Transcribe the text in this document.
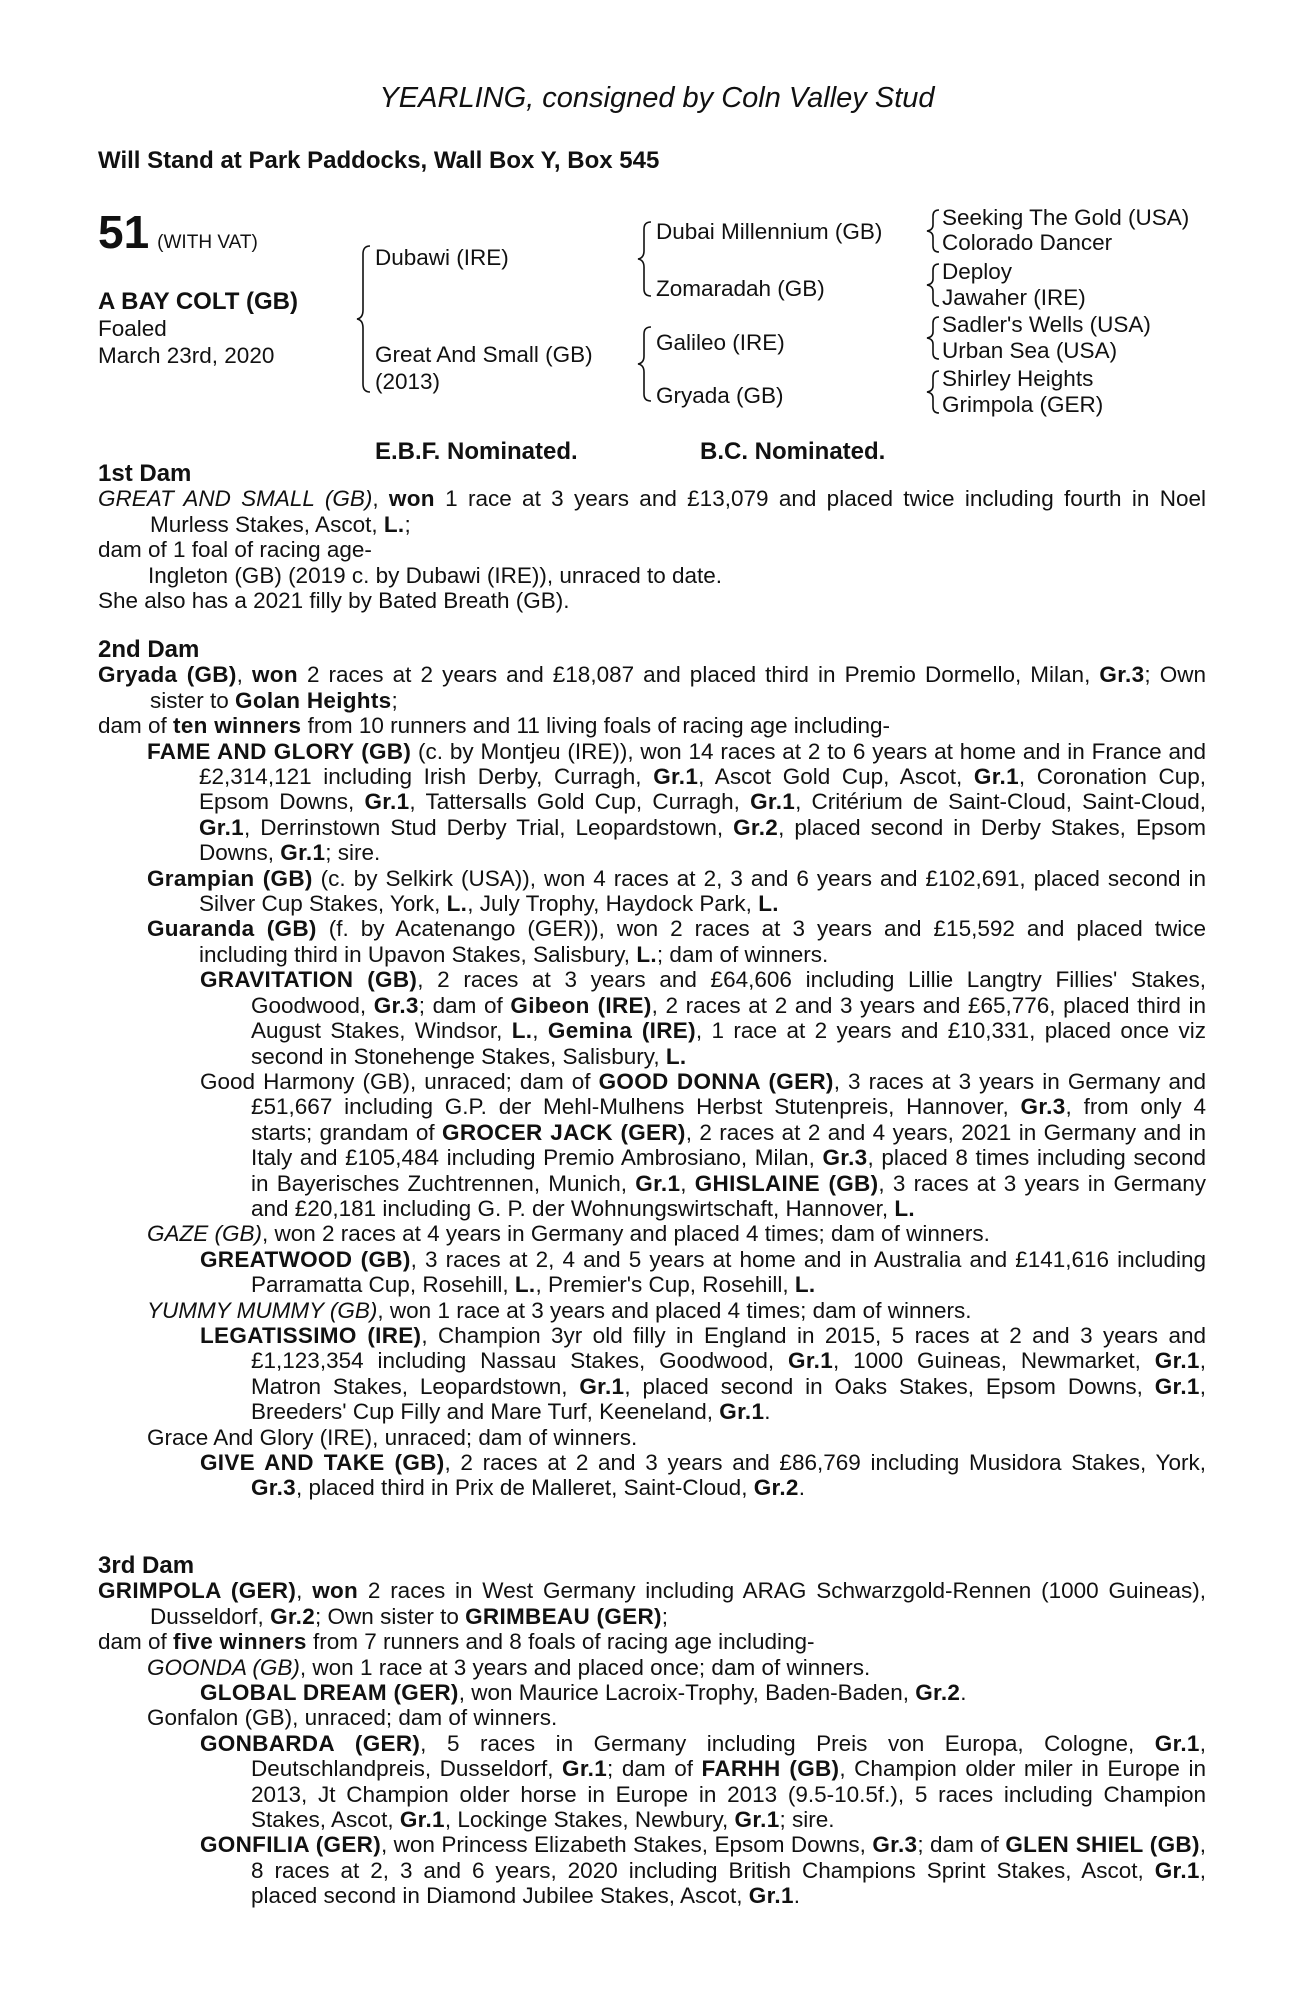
YEARLING, consigned by Coln Valley Stud
Will Stand at Park Paddocks, Wall Box Y, Box 545
51 (WITH VAT)
A BAY COLT (GB)
Foaled
March 23rd, 2020
Dubawi (IRE)
Great And Small (GB)
(2013)
Dubai Millennium (GB)
Zomaradah (GB)
Galileo (IRE)
Gryada (GB)
Seeking The Gold (USA)
Colorado Dancer
Deploy
Jawaher (IRE)
Sadler's Wells (USA)
Urban Sea (USA)
Shirley Heights
Grimpola (GER)
E.B.F. Nominated.	B.C. Nominated.

1st Dam

GREAT AND SMALL (GB), won 1 race at 3 years and £13,079 and placed twice including fourth in Noel Murless Stakes, Ascot, L.;

dam of 1 foal of racing age-

Ingleton (GB) (2019 c. by Dubawi (IRE)), unraced to date.

She also has a 2021 filly by Bated Breath (GB).

2nd Dam

Gryada (GB), won 2 races at 2 years and £18,087 and placed third in Premio Dormello, Milan, Gr.3; Own sister to Golan Heights;

dam of ten winners from 10 runners and 11 living foals of racing age including-

FAME AND GLORY (GB) (c. by Montjeu (IRE)), won 14 races at 2 to 6 years at home and in France and £2,314,121 including Irish Derby, Curragh, Gr.1, Ascot Gold Cup, Ascot, Gr.1, Coronation Cup, Epsom Downs, Gr.1, Tattersalls Gold Cup, Curragh, Gr.1, Critérium de Saint-Cloud, Saint-Cloud, Gr.1, Derrinstown Stud Derby Trial, Leopardstown, Gr.2, placed second in Derby Stakes, Epsom Downs, Gr.1; sire.

Grampian (GB) (c. by Selkirk (USA)), won 4 races at 2, 3 and 6 years and £102,691, placed second in Silver Cup Stakes, York, L., July Trophy, Haydock Park, L.

Guaranda (GB) (f. by Acatenango (GER)), won 2 races at 3 years and £15,592 and placed twice including third in Upavon Stakes, Salisbury, L.; dam of winners.

GRAVITATION (GB), 2 races at 3 years and £64,606 including Lillie Langtry Fillies' Stakes, Goodwood, Gr.3; dam of Gibeon (IRE), 2 races at 2 and 3 years and £65,776, placed third in August Stakes, Windsor, L., Gemina (IRE), 1 race at 2 years and £10,331, placed once viz second in Stonehenge Stakes, Salisbury, L.

Good Harmony (GB), unraced; dam of GOOD DONNA (GER), 3 races at 3 years in Germany and £51,667 including G.P. der Mehl-Mulhens Herbst Stutenpreis, Hannover, Gr.3, from only 4 starts; grandam of GROCER JACK (GER), 2 races at 2 and 4 years, 2021 in Germany and in Italy and £105,484 including Premio Ambrosiano, Milan, Gr.3, placed 8 times including second in Bayerisches Zuchtrennen, Munich, Gr.1, GHISLAINE (GB), 3 races at 3 years in Germany and £20,181 including G. P. der Wohnungswirtschaft, Hannover, L.

GAZE (GB), won 2 races at 4 years in Germany and placed 4 times; dam of winners.

GREATWOOD (GB), 3 races at 2, 4 and 5 years at home and in Australia and £141,616 including Parramatta Cup, Rosehill, L., Premier's Cup, Rosehill, L.

YUMMY MUMMY (GB), won 1 race at 3 years and placed 4 times; dam of winners.

LEGATISSIMO (IRE), Champion 3yr old filly in England in 2015, 5 races at 2 and 3 years and £1,123,354 including Nassau Stakes, Goodwood, Gr.1, 1000 Guineas, Newmarket, Gr.1, Matron Stakes, Leopardstown, Gr.1, placed second in Oaks Stakes, Epsom Downs, Gr.1, Breeders' Cup Filly and Mare Turf, Keeneland, Gr.1.

Grace And Glory (IRE), unraced; dam of winners.

GIVE AND TAKE (GB), 2 races at 2 and 3 years and £86,769 including Musidora Stakes, York, Gr.3, placed third in Prix de Malleret, Saint-Cloud, Gr.2.

3rd Dam

GRIMPOLA (GER), won 2 races in West Germany including ARAG Schwarzgold-Rennen (1000 Guineas), Dusseldorf, Gr.2; Own sister to GRIMBEAU (GER);

dam of five winners from 7 runners and 8 foals of racing age including-

GOONDA (GB), won 1 race at 3 years and placed once; dam of winners.

GLOBAL DREAM (GER), won Maurice Lacroix-Trophy, Baden-Baden, Gr.2.

Gonfalon (GB), unraced; dam of winners.

GONBARDA (GER), 5 races in Germany including Preis von Europa, Cologne, Gr.1, Deutschlandpreis, Dusseldorf, Gr.1; dam of FARHH (GB), Champion older miler in Europe in 2013, Jt Champion older horse in Europe in 2013 (9.5-10.5f.), 5 races including Champion Stakes, Ascot, Gr.1, Lockinge Stakes, Newbury, Gr.1; sire.

GONFILIA (GER), won Princess Elizabeth Stakes, Epsom Downs, Gr.3; dam of GLEN SHIEL (GB), 8 races at 2, 3 and 6 years, 2020 including British Champions Sprint Stakes, Ascot, Gr.1, placed second in Diamond Jubilee Stakes, Ascot, Gr.1.
